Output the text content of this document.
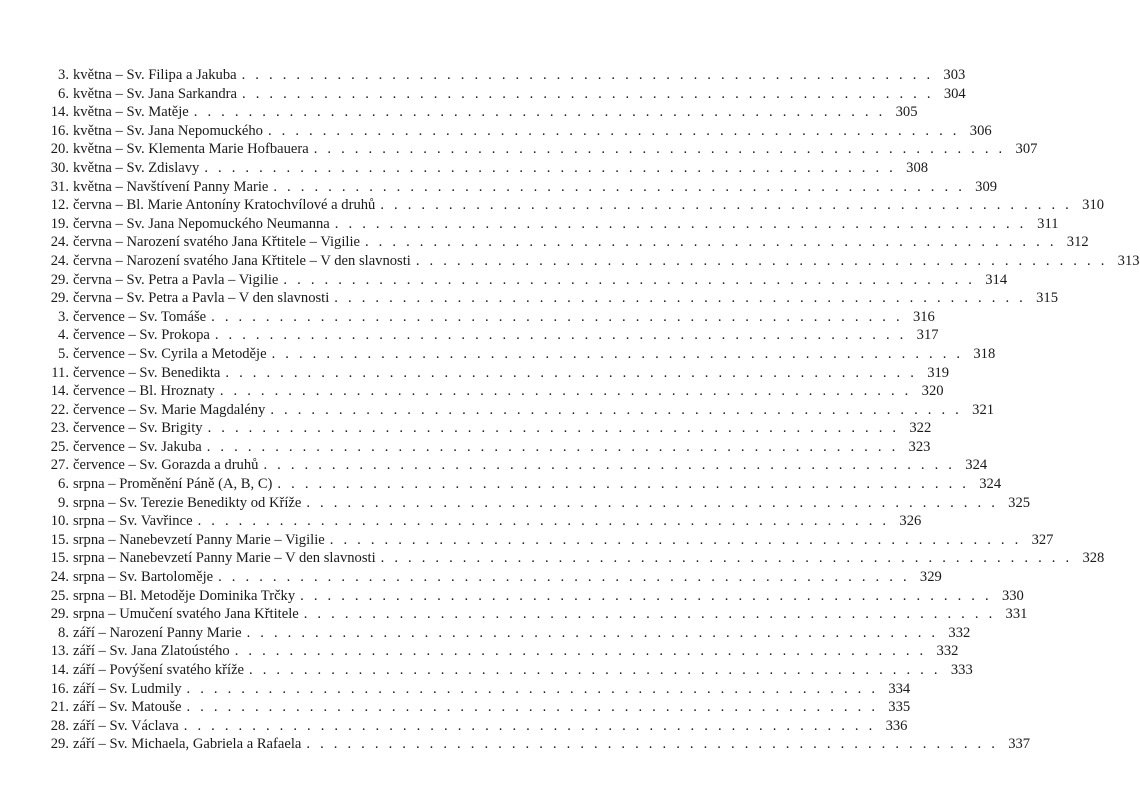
3. května – Sv. Filipa a Jakuba . . . . . . . . . . . . . . . . . . . . . . . . . . . . . . . . . . . . . . . . . . . . . . . . . . . 303
6. května – Sv. Jana Sarkandra . . . . . . . . . . . . . . . . . . . . . . . . . . . . . . . . . . . . . . . . . . . . . . . . . . . 304
14. května – Sv. Matěje . . . . . . . . . . . . . . . . . . . . . . . . . . . . . . . . . . . . . . . . . . . . . . . . . . . 305
16. května – Sv. Jana Nepomuckého . . . . . . . . . . . . . . . . . . . . . . . . . . . . . . . . . . . . . . . . . . . . . . . . . . . 306
20. května – Sv. Klementa Marie Hofbauera . . . . . . . . . . . . . . . . . . . . . . . . . . . . . . . . . . . . . . . . . . . . . . . . . . . 307
30. května – Sv. Zdislavy . . . . . . . . . . . . . . . . . . . . . . . . . . . . . . . . . . . . . . . . . . . . . . . . . . . 308
31. května – Navštívení Panny Marie . . . . . . . . . . . . . . . . . . . . . . . . . . . . . . . . . . . . . . . . . . . . . . . . . . . 309
12. června – Bl. Marie Antoníny Kratochvílové a druhů . . . . . . . . . . . . . . . . . . . . . . . . . . . . . . . . . . . . . . . . . . . . . . . . . . . 310
19. června – Sv. Jana Nepomuckého Neumanna . . . . . . . . . . . . . . . . . . . . . . . . . . . . . . . . . . . . . . . . . . . . . . . . . . . 311
24. června – Narození svatého Jana Křtitele – Vigilie . . . . . . . . . . . . . . . . . . . . . . . . . . . . . . . . . . . . . . . . . . . . . . . . . . . 312
24. června – Narození svatého Jana Křtitele – V den slavnosti . . . . . . . . . . . . . . . . . . . . . . . . . . . . . . . . . . . . . . . . . . . . . . . . . . . 313
29. června – Sv. Petra a Pavla – Vigilie . . . . . . . . . . . . . . . . . . . . . . . . . . . . . . . . . . . . . . . . . . . . . . . . . . . 314
29. června – Sv. Petra a Pavla – V den slavnosti . . . . . . . . . . . . . . . . . . . . . . . . . . . . . . . . . . . . . . . . . . . . . . . . . . . 315
3. července – Sv. Tomáše . . . . . . . . . . . . . . . . . . . . . . . . . . . . . . . . . . . . . . . . . . . . . . . . . . . 316
4. července – Sv. Prokopa . . . . . . . . . . . . . . . . . . . . . . . . . . . . . . . . . . . . . . . . . . . . . . . . . . . 317
5. července – Sv. Cyrila a Metoděje . . . . . . . . . . . . . . . . . . . . . . . . . . . . . . . . . . . . . . . . . . . . . . . . . . . 318
11. července – Sv. Benedikta . . . . . . . . . . . . . . . . . . . . . . . . . . . . . . . . . . . . . . . . . . . . . . . . . . . 319
14. července – Bl. Hroznaty . . . . . . . . . . . . . . . . . . . . . . . . . . . . . . . . . . . . . . . . . . . . . . . . . . . 320
22. července – Sv. Marie Magdalény . . . . . . . . . . . . . . . . . . . . . . . . . . . . . . . . . . . . . . . . . . . . . . . . . . . 321
23. července – Sv. Brigity . . . . . . . . . . . . . . . . . . . . . . . . . . . . . . . . . . . . . . . . . . . . . . . . . . . 322
25. července – Sv. Jakuba . . . . . . . . . . . . . . . . . . . . . . . . . . . . . . . . . . . . . . . . . . . . . . . . . . . 323
27. července – Sv. Gorazda a druhů . . . . . . . . . . . . . . . . . . . . . . . . . . . . . . . . . . . . . . . . . . . . . . . . . . . 324
6. srpna – Proměnění Páně (A, B, C) . . . . . . . . . . . . . . . . . . . . . . . . . . . . . . . . . . . . . . . . . . . . . . . . . . . 324
9. srpna – Sv. Terezie Benedikty od Kříže . . . . . . . . . . . . . . . . . . . . . . . . . . . . . . . . . . . . . . . . . . . . . . . . . . . 325
10. srpna – Sv. Vavřince . . . . . . . . . . . . . . . . . . . . . . . . . . . . . . . . . . . . . . . . . . . . . . . . . . . 326
15. srpna – Nanebevzetí Panny Marie – Vigilie . . . . . . . . . . . . . . . . . . . . . . . . . . . . . . . . . . . . . . . . . . . . . . . . . . . 327
15. srpna – Nanebevzetí Panny Marie – V den slavnosti . . . . . . . . . . . . . . . . . . . . . . . . . . . . . . . . . . . . . . . . . . . . . . . . . . . 328
24. srpna – Sv. Bartoloměje . . . . . . . . . . . . . . . . . . . . . . . . . . . . . . . . . . . . . . . . . . . . . . . . . . . 329
25. srpna – Bl. Metoděje Dominika Trčky . . . . . . . . . . . . . . . . . . . . . . . . . . . . . . . . . . . . . . . . . . . . . . . . . . . 330
29. srpna – Umučení svatého Jana Křtitele . . . . . . . . . . . . . . . . . . . . . . . . . . . . . . . . . . . . . . . . . . . . . . . . . . . 331
8. září – Narození Panny Marie . . . . . . . . . . . . . . . . . . . . . . . . . . . . . . . . . . . . . . . . . . . . . . . . . . . 332
13. září – Sv. Jana Zlatoústého . . . . . . . . . . . . . . . . . . . . . . . . . . . . . . . . . . . . . . . . . . . . . . . . . . . 332
14. září – Povýšení svatého kříže . . . . . . . . . . . . . . . . . . . . . . . . . . . . . . . . . . . . . . . . . . . . . . . . . . . 333
16. září – Sv. Ludmily . . . . . . . . . . . . . . . . . . . . . . . . . . . . . . . . . . . . . . . . . . . . . . . . . . . 334
21. září – Sv. Matouše . . . . . . . . . . . . . . . . . . . . . . . . . . . . . . . . . . . . . . . . . . . . . . . . . . . 335
28. září – Sv. Václava . . . . . . . . . . . . . . . . . . . . . . . . . . . . . . . . . . . . . . . . . . . . . . . . . . . 336
29. září – Sv. Michaela, Gabriela a Rafaela . . . . . . . . . . . . . . . . . . . . . . . . . . . . . . . . . . . . . . . . . . . . . . . . . . . 337
